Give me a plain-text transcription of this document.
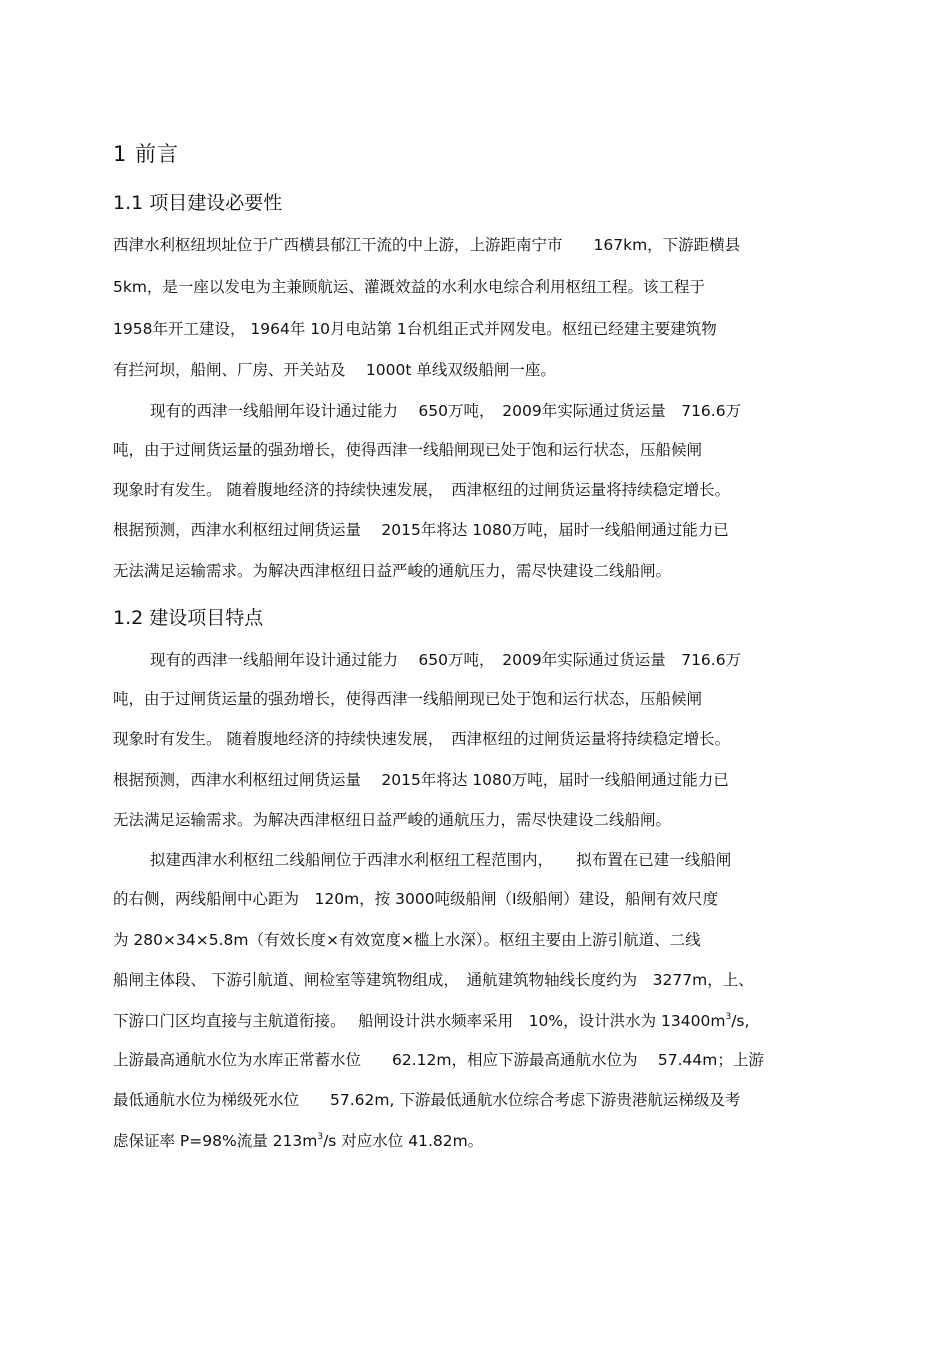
1 前言
1.1 项目建设必要性
西津水利枢纽坝址位于广西横县郁江干流的中上游，上游距南宁市　　167km，下游距横县
5km，是一座以发电为主兼顾航运、灌溉效益的水利水电综合利用枢纽工程。该工程于
1958年开工建设， 1964年 10月电站第 1台机组正式并网发电。枢纽已经建主要建筑物
有拦河坝，船闸、厂房、开关站及　 1000t 单线双级船闸一座。
现有的西津一线船闸年设计通过能力　 650万吨，　2009年实际通过货运量　716.6万
吨，由于过闸货运量的强劲增长，使得西津一线船闸现已处于饱和运行状态，压船候闸
现象时有发生。 随着腹地经济的持续快速发展，　西津枢纽的过闸货运量将持续稳定增长。
根据预测，西津水利枢纽过闸货运量　 2015年将达 1080万吨，届时一线船闸通过能力已
无法满足运输需求。为解决西津枢纽日益严峻的通航压力，需尽快建设二线船闸。
1.2 建设项目特点
现有的西津一线船闸年设计通过能力　 650万吨，　2009年实际通过货运量　716.6万
吨，由于过闸货运量的强劲增长，使得西津一线船闸现已处于饱和运行状态，压船候闸
现象时有发生。 随着腹地经济的持续快速发展，　西津枢纽的过闸货运量将持续稳定增长。
根据预测，西津水利枢纽过闸货运量　 2015年将达 1080万吨，届时一线船闸通过能力已
无法满足运输需求。为解决西津枢纽日益严峻的通航压力，需尽快建设二线船闸。
拟建西津水利枢纽二线船闸位于西津水利枢纽工程范围内，　　拟布置在已建一线船闸
的右侧，两线船闸中心距为　120m，按 3000吨级船闸（Ⅰ级船闸）建设，船闸有效尺度
为 280×34×5.8m（有效长度×有效宽度×槛上水深）。枢纽主要由上游引航道、二线
船闸主体段、 下游引航道、闸检室等建筑物组成，　通航建筑物轴线长度约为　3277m，上、
下游口门区均直接与主航道衔接。　 船闸设计洪水频率采用　10%，设计洪水为 $13400m^3/s$,
上游最高通航水位为水库正常蓄水位　　62.12m，相应下游最高通航水位为　 57.44m；上游
最低通航水位为梯级死水位　　57.62m, 下游最低通航水位综合考虑下游贵港航运梯级及考
虑保证率 P=98%流量 $213m^3/s$ 对应水位 41.82m。
